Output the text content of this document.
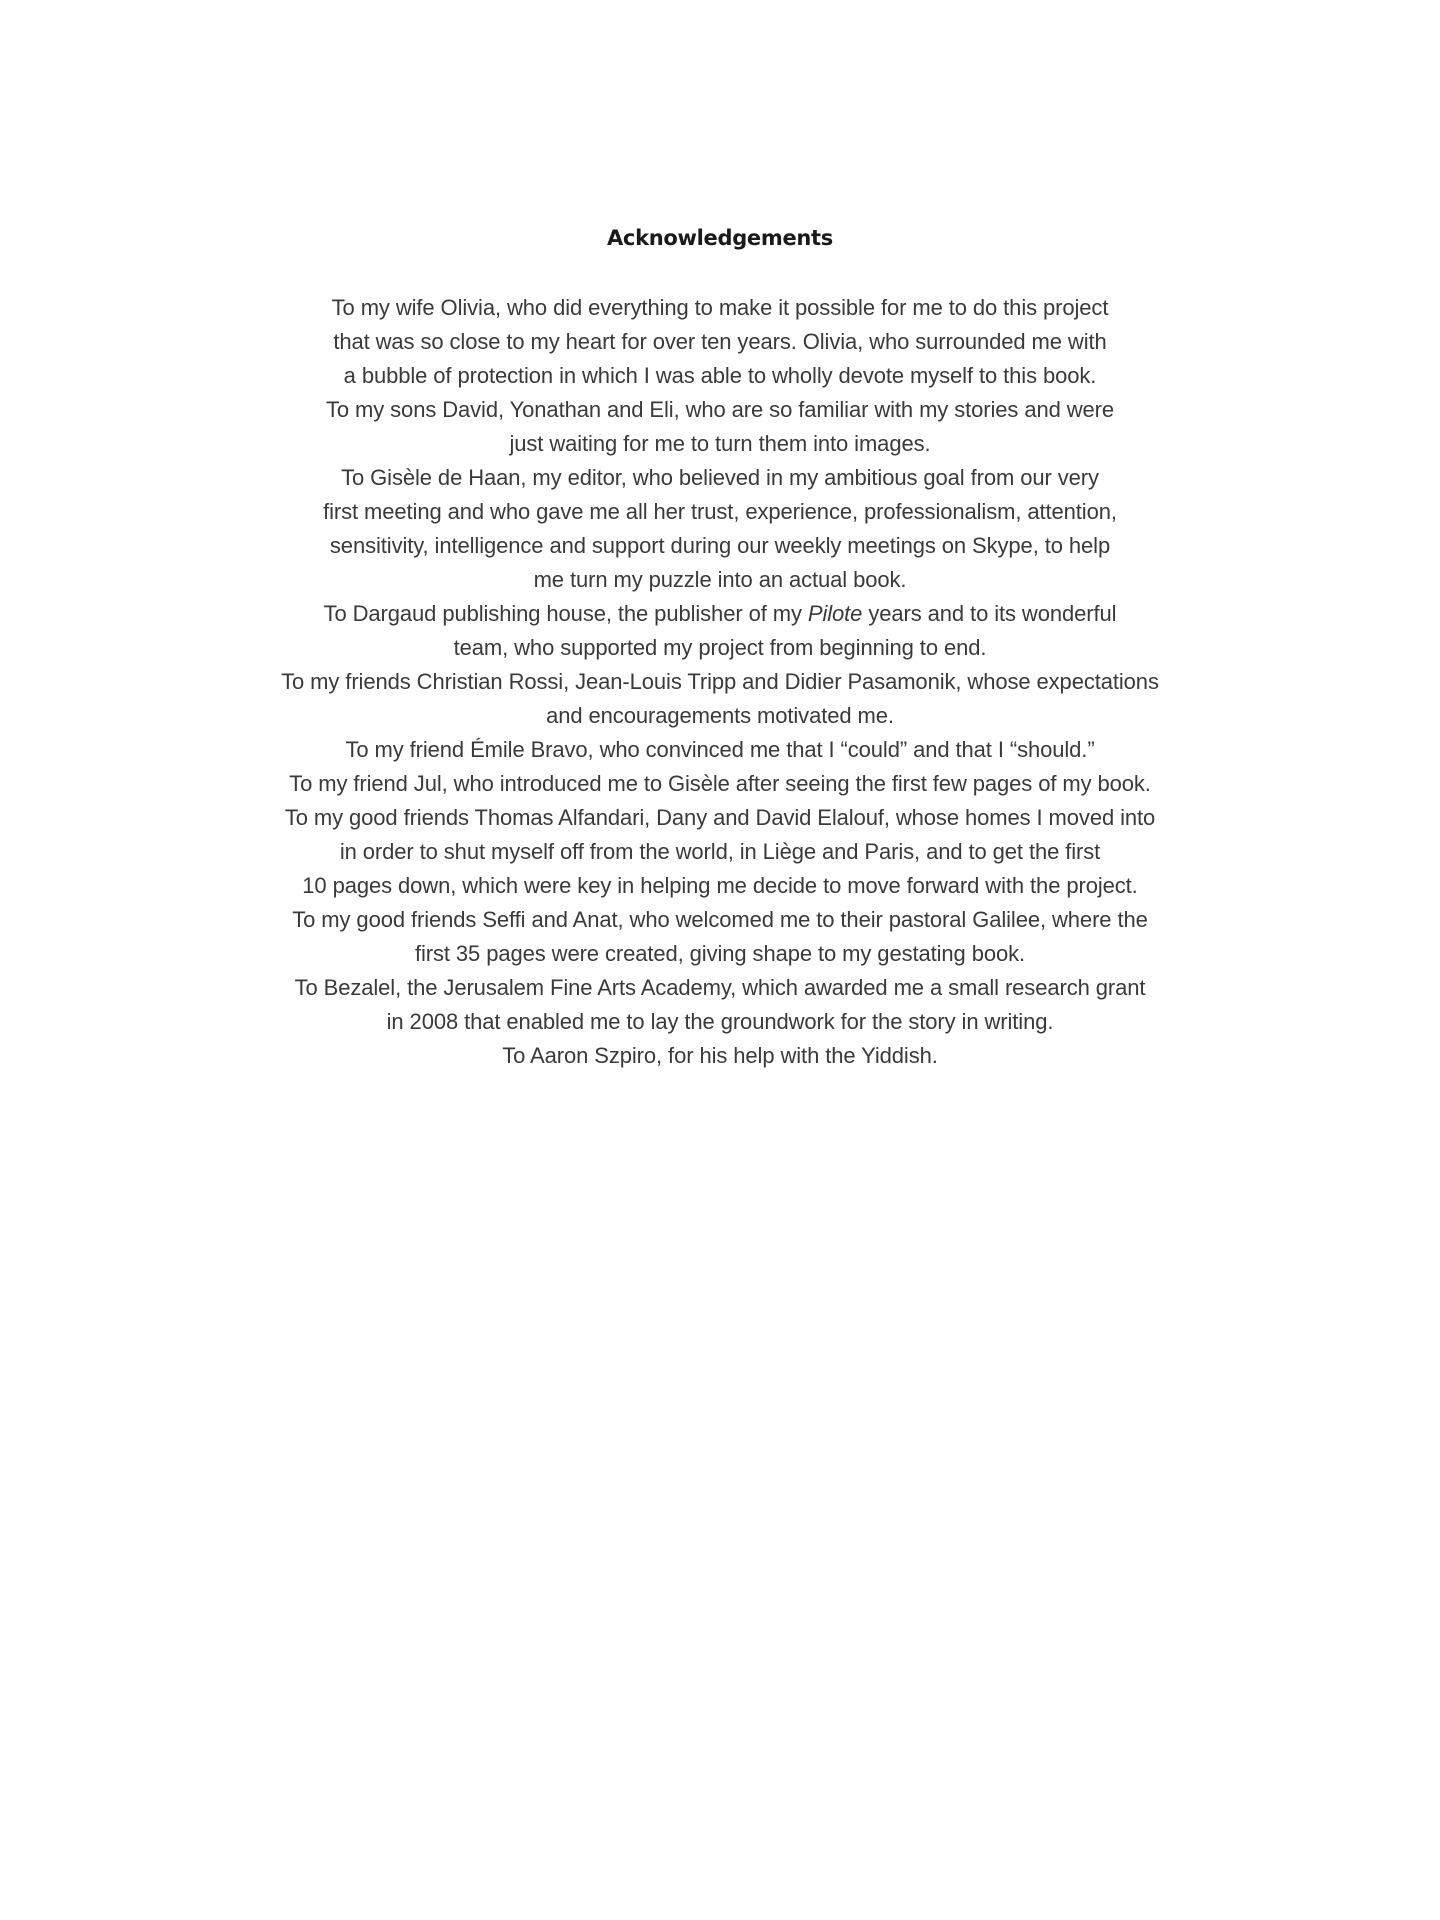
Acknowledgements
To my wife Olivia, who did everything to make it possible for me to do this project
that was so close to my heart for over ten years. Olivia, who surrounded me with
a bubble of protection in which I was able to wholly devote myself to this book.
To my sons David, Yonathan and Eli, who are so familiar with my stories and were
just waiting for me to turn them into images.
To Gisèle de Haan, my editor, who believed in my ambitious goal from our very
first meeting and who gave me all her trust, experience, professionalism, attention,
sensitivity, intelligence and support during our weekly meetings on Skype, to help
me turn my puzzle into an actual book.
To Dargaud publishing house, the publisher of my Pilote years and to its wonderful
team, who supported my project from beginning to end.
To my friends Christian Rossi, Jean-Louis Tripp and Didier Pasamonik, whose expectations
and encouragements motivated me.
To my friend Émile Bravo, who convinced me that I “could” and that I “should.”
To my friend Jul, who introduced me to Gisèle after seeing the first few pages of my book.
To my good friends Thomas Alfandari, Dany and David Elalouf, whose homes I moved into
in order to shut myself off from the world, in Liège and Paris, and to get the first
10 pages down, which were key in helping me decide to move forward with the project.
To my good friends Seffi and Anat, who welcomed me to their pastoral Galilee, where the
first 35 pages were created, giving shape to my gestating book.
To Bezalel, the Jerusalem Fine Arts Academy, which awarded me a small research grant
in 2008 that enabled me to lay the groundwork for the story in writing.
To Aaron Szpiro, for his help with the Yiddish.
